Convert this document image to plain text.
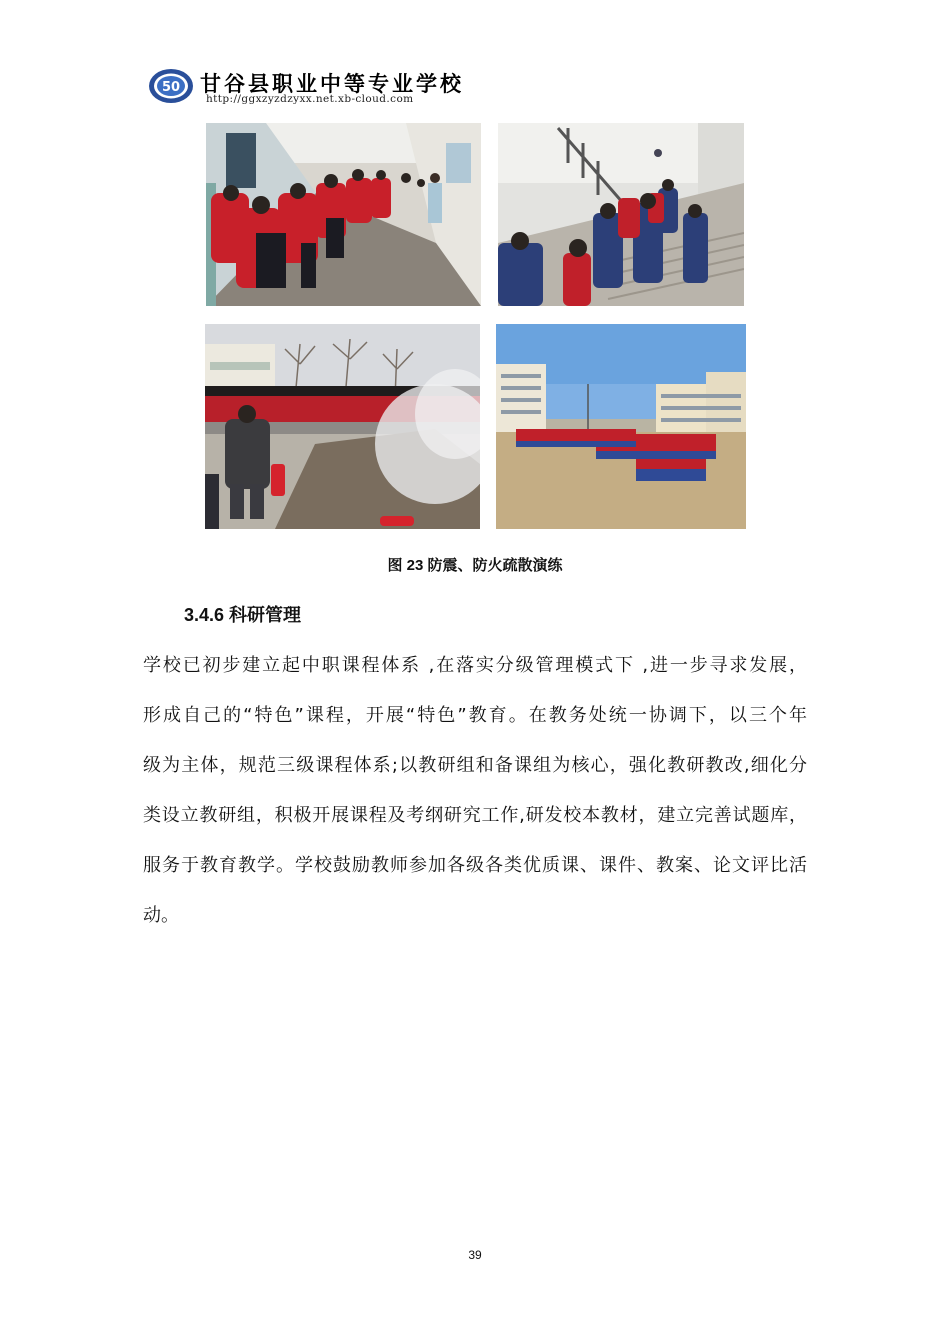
50 甘谷县职业中等专业学校
http://ggxzyzdzyxx.net.xb-cloud.com
图 23 防震、防火疏散演练
3.4.6 科研管理
学校已初步建立起中职课程体系 ,在落实分级管理模式下 ,进一步寻求发展，
形成自己的“特色”课程，开展“特色”教育。在教务处统一协调下，以三个年
级为主体，规范三级课程体系;以教研组和备课组为核心，强化教研教改,细化分
类设立教研组，积极开展课程及考纲研究工作,研发校本教材，建立完善试题库，
服务于教育教学。学校鼓励教师参加各级各类优质课、课件、教案、论文评比活
动。
39
